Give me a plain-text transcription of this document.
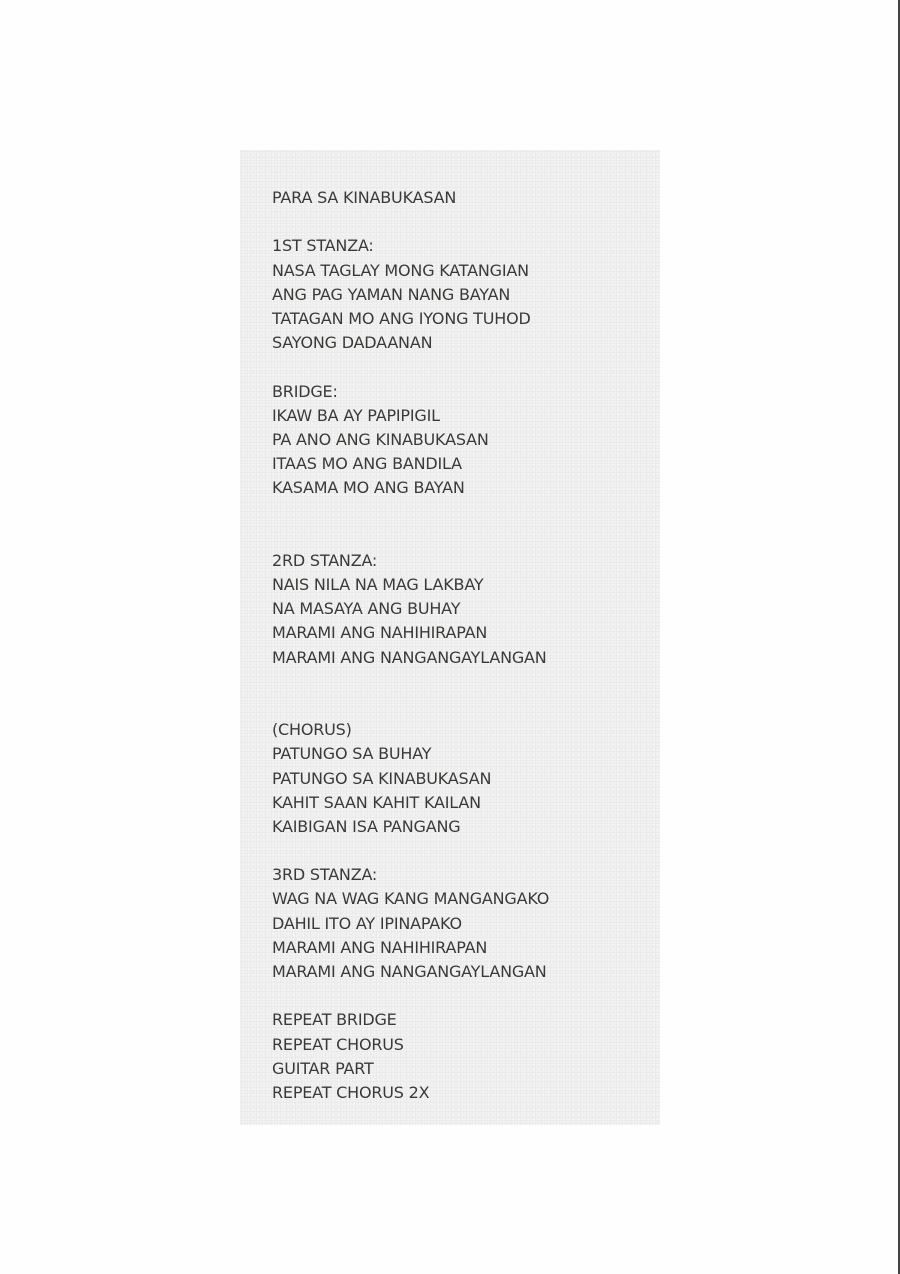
PARA SA KINABUKASAN
1ST STANZA:
NASA TAGLAY MONG KATANGIAN
ANG PAG YAMAN NANG BAYAN
TATAGAN MO ANG IYONG TUHOD
SAYONG DADAANAN
BRIDGE:
IKAW BA AY PAPIPIGIL
PA ANO ANG KINABUKASAN
ITAAS MO ANG BANDILA
KASAMA MO ANG BAYAN
2RD STANZA:
NAIS NILA NA MAG LAKBAY
NA MASAYA ANG BUHAY
MARAMI ANG NAHIHIRAPAN
MARAMI ANG NANGANGAYLANGAN
(CHORUS)
PATUNGO SA BUHAY
PATUNGO SA KINABUKASAN
KAHIT SAAN KAHIT KAILAN
KAIBIGAN ISA PANGANG
3RD STANZA:
WAG NA WAG KANG MANGANGAKO
DAHIL ITO AY IPINAPAKO
MARAMI ANG NAHIHIRAPAN
MARAMI ANG NANGANGAYLANGAN
REPEAT BRIDGE
REPEAT CHORUS
GUITAR PART
REPEAT CHORUS 2X
